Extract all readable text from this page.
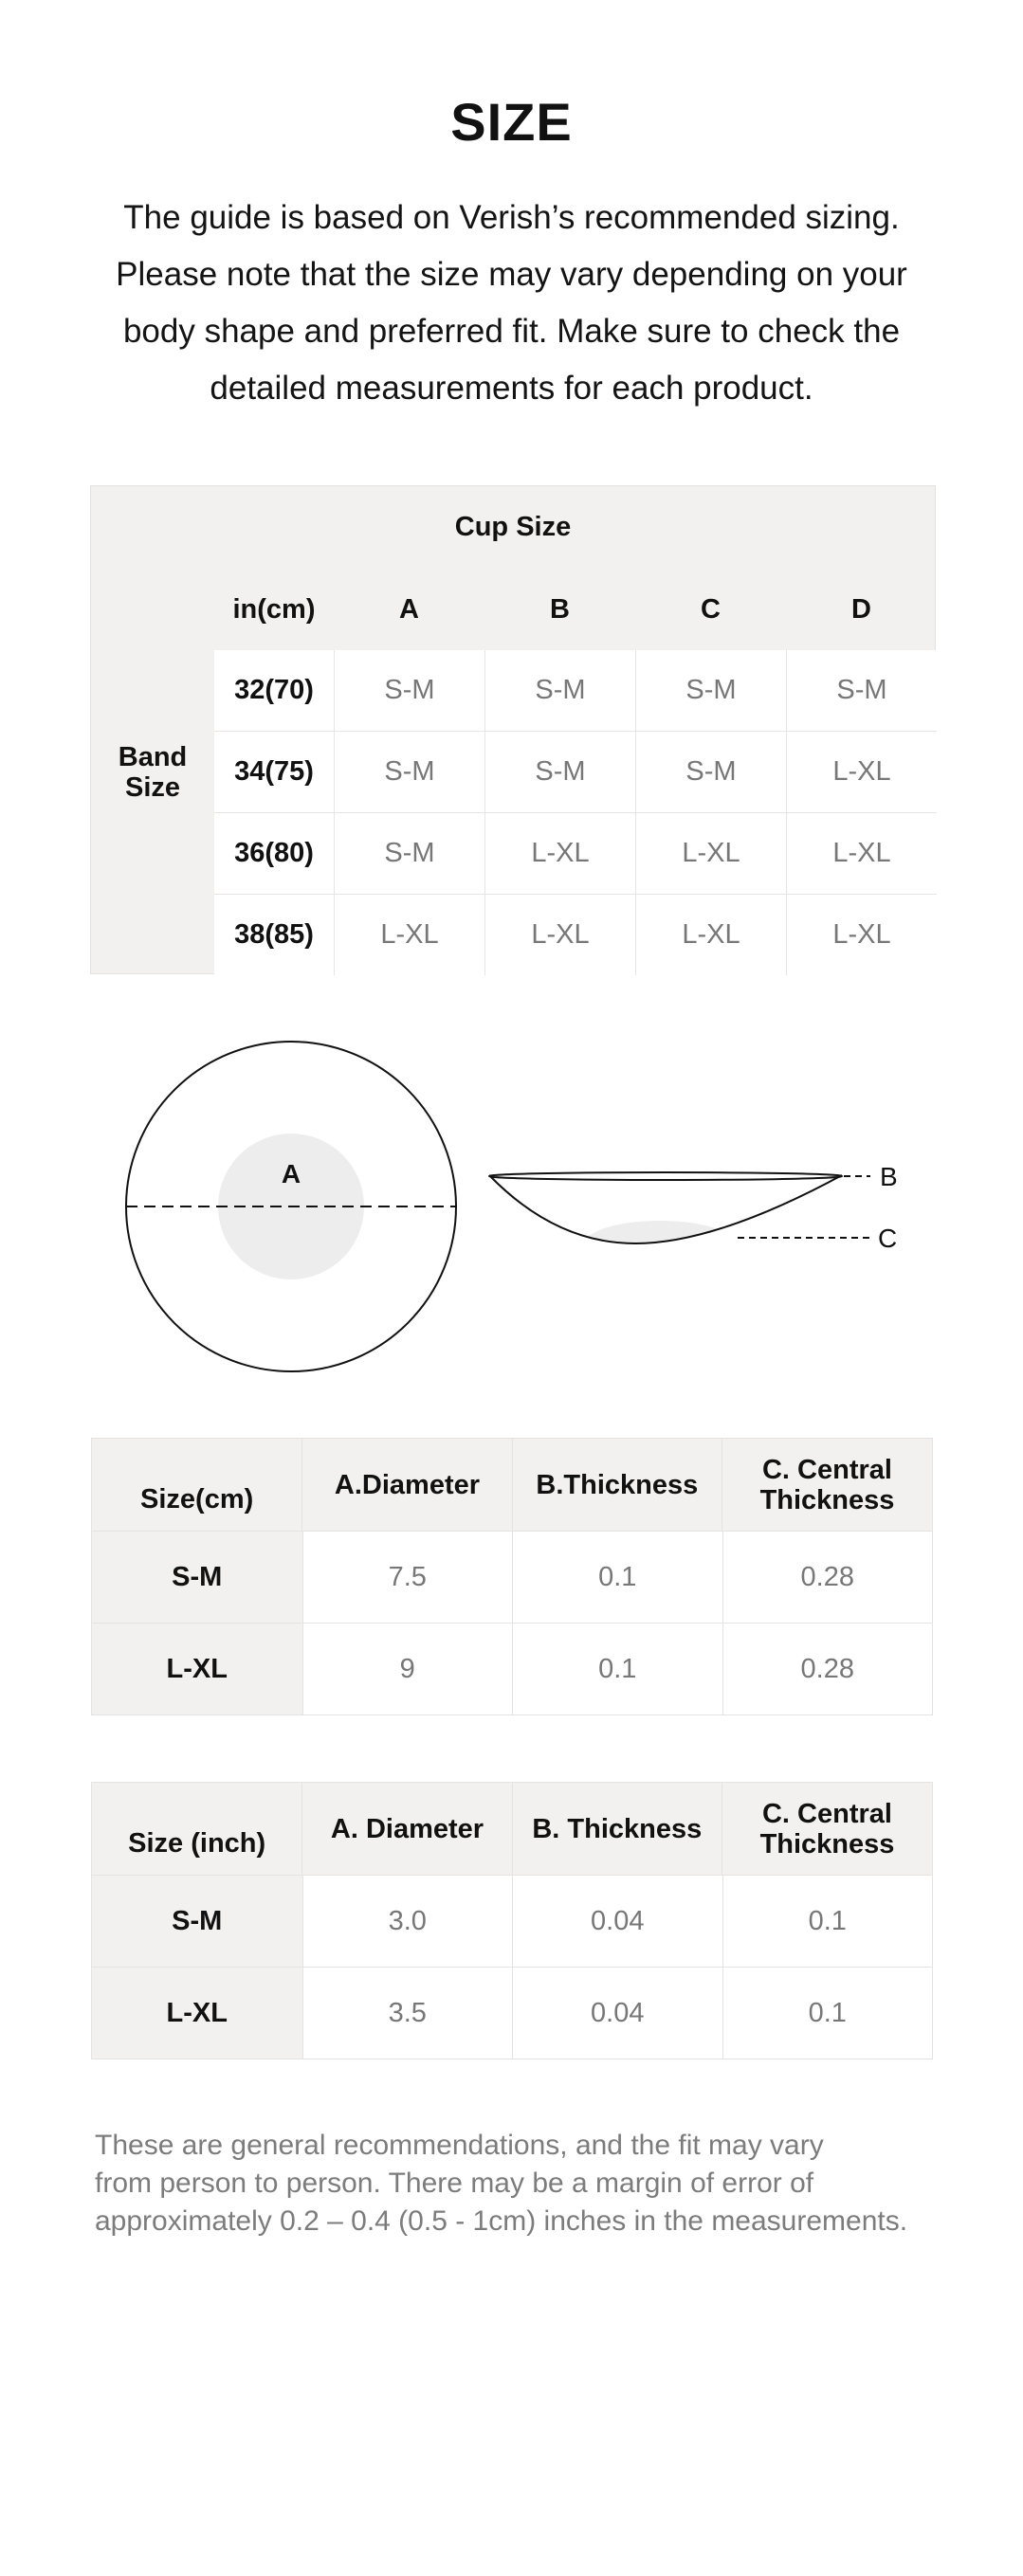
SIZE
The guide is based on Verish’s recommended sizing.
Please note that the size may vary depending on your
body shape and preferred fit. Make sure to check the
detailed measurements for each product.
Cup Size
Band
Size
in(cm)	A	B	C	D
32(70)	S-M	S-M	S-M	S-M
34(75)	S-M	S-M	S-M	L-XL
36(80)	S-M	L-XL	L-XL	L-XL
38(85)	L-XL	L-XL	L-XL	L-XL
A	B
C
Size(cm)	A.Diameter	B.Thickness	C. Central Thickness
S-M	7.5	0.1	0.28
L-XL	9	0.1	0.28
Size (inch)	A. Diameter	B. Thickness	C. Central Thickness
S-M	3.0	0.04	0.1
L-XL	3.5	0.04	0.1
These are general recommendations, and the fit may vary
from person to person. There may be a margin of error of
approximately 0.2 – 0.4 (0.5 - 1cm) inches in the measurements.
